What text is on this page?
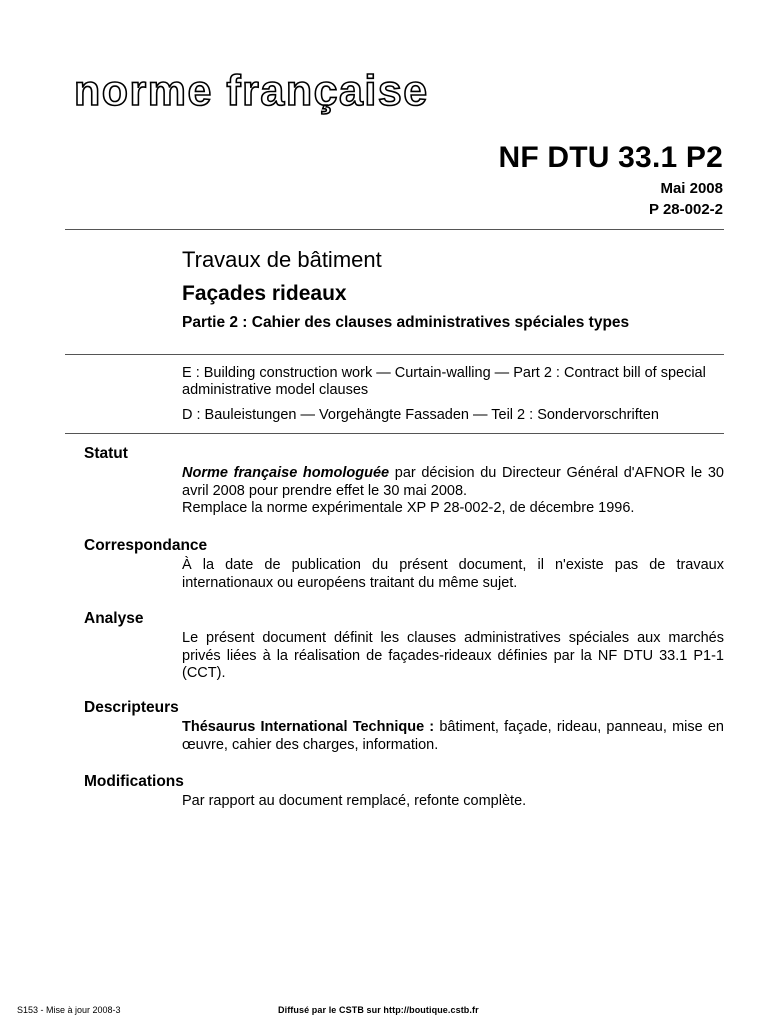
norme française
NF DTU 33.1 P2
Mai 2008
P 28-002-2
Travaux de bâtiment
Façades rideaux
Partie 2 : Cahier des clauses administratives spéciales types
E : Building construction work — Curtain-walling — Part 2 : Contract bill of special administrative model clauses
D : Bauleistungen — Vorgehängte Fassaden — Teil 2 : Sondervorschriften
Statut

Norme française homologuée par décision du Directeur Général d'AFNOR le 30 avril 2008 pour prendre effet le 30 mai 2008.

Remplace la norme expérimentale XP P 28-002-2, de décembre 1996.

Correspondance

À la date de publication du présent document, il n'existe pas de travaux internationaux ou européens traitant du même sujet.

Analyse

Le présent document définit les clauses administratives spéciales aux marchés privés liées à la réalisation de façades-rideaux définies par la NF DTU 33.1 P1-1 (CCT).

Descripteurs

Thésaurus International Technique : bâtiment, façade, rideau, panneau, mise en œuvre, cahier des charges, information.

Modifications

Par rapport au document remplacé, refonte complète.

S153 - Mise à jour 2008-3	Diffusé par le CSTB sur http://boutique.cstb.fr
